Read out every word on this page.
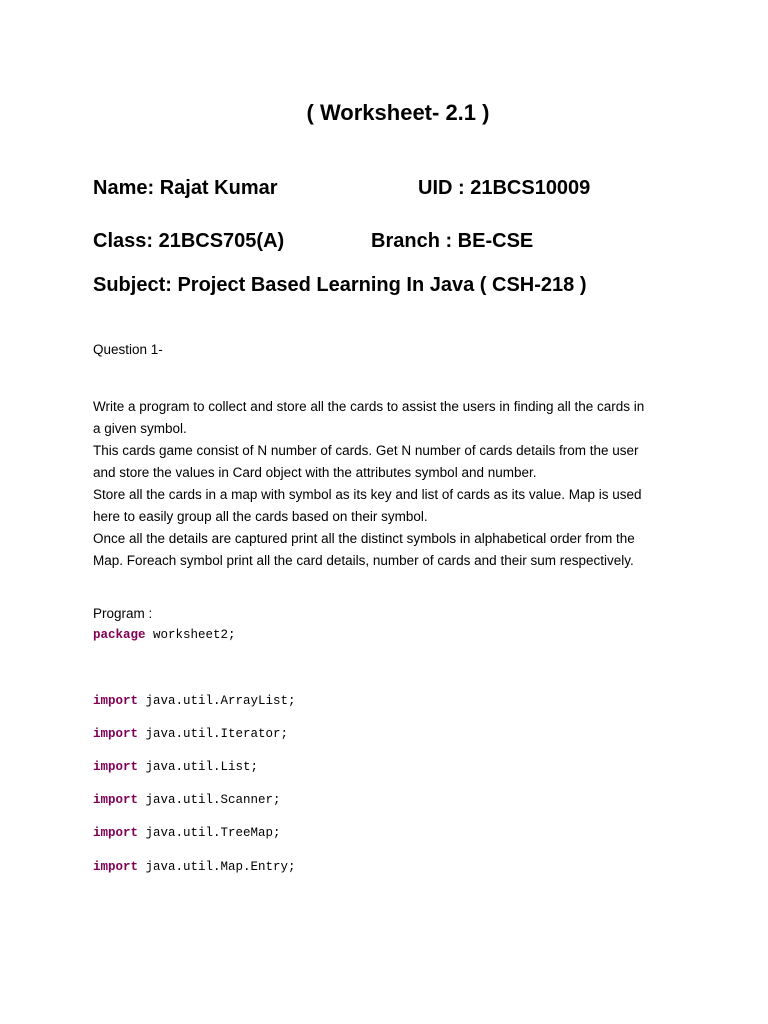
( Worksheet- 2.1 )
Name: Rajat Kumar	UID : 21BCS10009
Class: 21BCS705(A)	Branch : BE-CSE
Subject: Project Based Learning In Java ( CSH-218 )
Question 1-
Write a program to collect and store all the cards to assist the users in finding all the cards in
a given symbol.
This cards game consist of N number of cards. Get N number of cards details from the user
and store the values in Card object with the attributes symbol and number.
Store all the cards in a map with symbol as its key and list of cards as its value. Map is used
here to easily group all the cards based on their symbol.
Once all the details are captured print all the distinct symbols in alphabetical order from the
Map. Foreach symbol print all the card details, number of cards and their sum respectively.
Program :
package worksheet2;
import java.util.ArrayList;
import java.util.Iterator;
import java.util.List;
import java.util.Scanner;
import java.util.TreeMap;
import java.util.Map.Entry;
